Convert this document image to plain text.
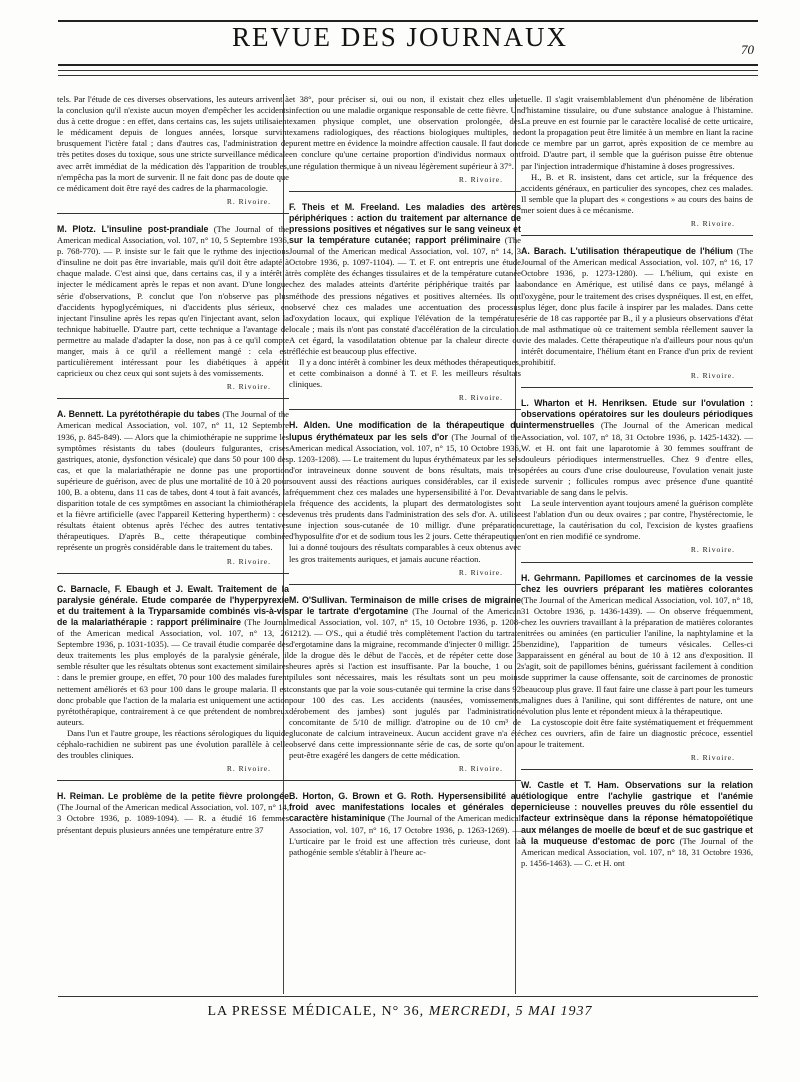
REVUE DES JOURNAUX	70

tels. Par l'étude de ces diverses observations, les auteurs arrivent à la conclusion qu'il n'existe aucun moyen d'empêcher les accidents dus à cette drogue : en effet, dans certains cas, les sujets utilisaient le médicament depuis de longues années, lorsque survint brusquement l'ictère fatal ; dans d'autres cas, l'administration de très petites doses du toxique, sous une stricte surveillance médicale avec arrêt immédiat de la médication dès l'apparition de troubles, n'empêcha pas la mort de survenir. Il ne fait donc pas de doute que ce médicament doit être rayé des cadres de la pharmacologie.

R. Rivoire.

M. Plotz. L'insuline post-prandiale (The Journal of the American medical Association, vol. 107, n° 10, 5 Septembre 1936, p. 768-770). — P. insiste sur le fait que le rythme des injections d'insuline ne doit pas être invariable, mais qu'il doit être adapté à chaque malade. C'est ainsi que, dans certains cas, il y a intérêt à injecter le médicament après le repas et non avant. D'une longue série d'observations, P. conclut que l'on n'observe pas plus d'accidents hypoglycémiques, ni d'accidents plus sérieux, en injectant l'insuline après les repas qu'en l'injectant avant, selon la technique habituelle. D'autre part, cette technique a l'avantage de permettre au malade d'adapter la dose, non pas à ce qu'il compte manger, mais à ce qu'il a réellement mangé : cela est particulièrement intéressant pour les diabétiques à appétit capricieux ou chez ceux qui sont sujets à des vomissements.

R. Rivoire.

A. Bennett. La pyrétothérapie du tabes (The Journal of the American medical Association, vol. 107, n° 11, 12 Septembre 1936, p. 845-849). — Alors que la chimiothérapie ne supprime les symptômes résistants du tabes (douleurs fulgurantes, crises gastriques, atonie, dysfonction vésicale) que dans 50 pour 100 des cas, et que la malariathérapie ne donne pas une proportion supérieure de guérison, avec de plus une mortalité de 10 à 20 pour 100, B. a obtenu, dans 11 cas de tabes, dont 4 tout à fait avancés, la disparition totale de ces symptômes en associant la chimiothérapie et la fièvre artificielle (avec l'appareil Kettering hypertherm) : ces résultats étaient obtenus après l'échec des autres tentatives thérapeutiques. D'après B., cette thérapeutique combinée représente un progrès considérable dans le traitement du tabes.

R. Rivoire.

C. Barnacle, F. Ebaugh et J. Ewalt. Traitement de la paralysie générale. Etude comparée de l'hyperpyrexie et du traitement à la Tryparsamide combinés vis-à-vis de la malariathérapie : rapport préliminaire (The Journal of the American medical Association, vol. 107, n° 13, 26 Septembre 1936, p. 1031-1035). — Ce travail étudie comparée des deux traitements les plus employés de la paralysie générale, il semble résulter que les résultats obtenus sont exactement similaires : dans le premier groupe, en effet, 70 pour 100 des malades furent nettement améliorés et 63 pour 100 dans le groupe malaria. Il est donc probable que l'action de la malaria est uniquement une action pyrétothérapique, contrairement à ce que prétendent de nombreux auteurs.

Dans l'un et l'autre groupe, les réactions sérologiques du liquide céphalo-rachidien ne subirent pas une évolution parallèle à celle des troubles cliniques.

R. Rivoire.

H. Reiman. Le problème de la petite fièvre prolongée (The Journal of the American medical Association, vol. 107, n° 14, 3 Octobre 1936, p. 1089-1094). — R. a étudié 16 femmes présentant depuis plusieurs années une température entre 37

et 38°, pour préciser si, oui ou non, il existait chez elles une infection ou une maladie organique responsable de cette fièvre. Un examen physique complet, une observation prolongée, des examens radiologiques, des réactions biologiques multiples, ne purent mettre en évidence la moindre affection causale. Il faut donc en conclure qu'une certaine proportion d'individus normaux ont une régulation thermique à un niveau légèrement supérieur à 37°.

R. Rivoire.

F. Theis et M. Freeland. Les maladies des artères périphériques : action du traitement par alternance de pressions positives et négatives sur le sang veineux et sur la température cutanée; rapport préliminaire (The Journal of the American medical Association, vol. 107, n° 14, 3 Octobre 1936, p. 1097-1104). — T. et F. ont entrepris une étude très complète des échanges tissulaires et de la température cutanée chez des malades atteints d'artérite périphérique traités par la méthode des pressions négatives et positives alternées. Ils ont observé chez ces malades une accentuation des processus d'oxydation locaux, qui explique l'élévation de la température locale ; mais ils n'ont pas constaté d'accélération de la circulation. A cet égard, la vasodilatation obtenue par la chaleur directe ou réfléchie est beaucoup plus effective.

Il y a donc intérêt à combiner les deux méthodes thérapeutiques, et cette combinaison a donné à T. et F. les meilleurs résultats cliniques.

R. Rivoire.

H. Alden. Une modification de la thérapeutique du lupus érythémateux par les sels d'or (The Journal of the American medical Association, vol. 107, n° 15, 10 Octobre 1936, p. 1203-1208). — Le traitement du lupus érythémateux par les sels d'or intraveineux donne souvent de bons résultats, mais très souvent aussi des réactions auriques considérables, car il existe fréquemment chez ces malades une hypersensibilité à l'or. Devant la fréquence des accidents, la plupart des dermatologistes sont devenus très prudents dans l'administration des sels d'or. A. utilise une injection sous-cutanée de 10 milligr. d'une préparation d'hyposulfite d'or et de sodium tous les 2 jours. Cette thérapeutique lui a donné toujours des résultats comparables à ceux obtenus avec les gros traitements auriques, et jamais aucune réaction.

R. Rivoire.

M. O'Sullivan. Terminaison de mille crises de migraine par le tartrate d'ergotamine (The Journal of the American medical Association, vol. 107, n° 15, 10 Octobre 1936, p. 1208-1212). — O'S., qui a étudié très complètement l'action du tartrate d'ergotamine dans la migraine, recommande d'injecter 0 milligr. 25 de la drogue dès le début de l'accès, et de répéter cette dose 3 heures après si l'action est insuffisante. Par la bouche, 1 ou 2 pilules sont nécessaires, mais les résultats sont un peu moins constants que par la voie sous-cutanée qui termine la crise dans 92 pour 100 des cas. Les accidents (nausées, vomissements, dérobement des jambes) sont jugulés par l'administration concomitante de 5/10 de milligr. d'atropine ou de 10 cm³ de gluconate de calcium intraveineux. Aucun accident grave n'a été observé dans cette impressionnante série de cas, de sorte qu'on a peut-être exagéré les dangers de cette médication.

R. Rivoire.

B. Horton, G. Brown et G. Roth. Hypersensibilité au froid avec manifestations locales et générales de caractère histaminique (The Journal of the American medical Association, vol. 107, n° 16, 17 Octobre 1936, p. 1263-1269). — L'urticaire par le froid est une affection très curieuse, dont la pathogénie semble s'établir à l'heure ac-

tuelle. Il s'agit vraisemblablement d'un phénomène de libération d'histamine tissulaire, ou d'une substance analogue à l'histamine. La preuve en est fournie par le caractère localisé de cette urticaire, dont la propagation peut être limitée à un membre en liant la racine de ce membre par un garrot, après exposition de ce membre au froid. D'autre part, il semble que la guérison puisse être obtenue par l'injection intradermique d'histamine à doses progressives.

H., B. et R. insistent, dans cet article, sur la fréquence des accidents généraux, en particulier des syncopes, chez ces malades. Il semble que la plupart des « congestions » au cours des bains de mer soient dues à ce mécanisme.

R. Rivoire.

A. Barach. L'utilisation thérapeutique de l'hélium (The Journal of the American medical Association, vol. 107, n° 16, 17 Octobre 1936, p. 1273-1280). — L'hélium, qui existe en abondance en Amérique, est utilisé dans ce pays, mélangé à l'oxygène, pour le traitement des crises dyspnéiques. Il est, en effet, plus léger, donc plus facile à inspirer par les malades. Dans cette série de 18 cas rapportée par B., il y a plusieurs observations d'état de mal asthmatique où ce traitement sembla réellement sauver la vie des malades. Cette thérapeutique n'a d'ailleurs pour nous qu'un intérêt documentaire, l'hélium étant en France d'un prix de revient prohibitif.

R. Rivoire.

L. Wharton et H. Henriksen. Etude sur l'ovulation : observations opératoires sur les douleurs périodiques intermenstruelles (The Journal of the American medical Association, vol. 107, n° 18, 31 Octobre 1936, p. 1425-1432). — W. et H. ont fait une laparotomie à 30 femmes souffrant de douleurs périodiques intermenstruelles. Chez 9 d'entre elles, opérées au cours d'une crise douloureuse, l'ovulation venait juste de survenir ; follicules rompus avec présence d'une quantité variable de sang dans le pelvis.

La seule intervention ayant toujours amené la guérison complète est l'ablation d'un ou deux ovaires ; par contre, l'hystérectomie, le curettage, la cautérisation du col, l'excision de kystes graafiens n'ont en rien modifié ce syndrome.

R. Rivoire.

H. Gehrmann. Papillomes et carcinomes de la vessie chez les ouvriers préparant les matières colorantes (The Journal of the American medical Association, vol. 107, n° 18, 31 Octobre 1936, p. 1436-1439). — On observe fréquemment, chez les ouvriers travaillant à la préparation de matières colorantes nitrées ou aminées (en particulier l'aniline, la naphtylamine et la benzidine), l'apparition de tumeurs vésicales. Celles-ci apparaissent en général au bout de 10 à 12 ans d'exposition. Il s'agit, soit de papillomes bénins, guérissant facilement à condition de supprimer la cause offensante, soit de carcinomes de pronostic beaucoup plus grave. Il faut faire une classe à part pour les tumeurs malignes dues à l'aniline, qui sont différentes de nature, ont une évolution plus lente et répondent mieux à la thérapeutique.

La cystoscopie doit être faite systématiquement et fréquemment chez ces ouvriers, afin de faire un diagnostic précoce, essentiel pour le traitement.

R. Rivoire.

W. Castle et T. Ham. Observations sur la relation étiologique entre l'achylie gastrique et l'anémie pernicieuse : nouvelles preuves du rôle essentiel du facteur extrinsèque dans la réponse hématopoïétique aux mélanges de moelle de bœuf et de suc gastrique et à la muqueuse d'estomac de porc (The Journal of the American medical Association, vol. 107, n° 18, 31 Octobre 1936, p. 1456-1463). — C. et H. ont

LA PRESSE MÉDICALE, N° 36, MERCREDI, 5 MAI 1937
